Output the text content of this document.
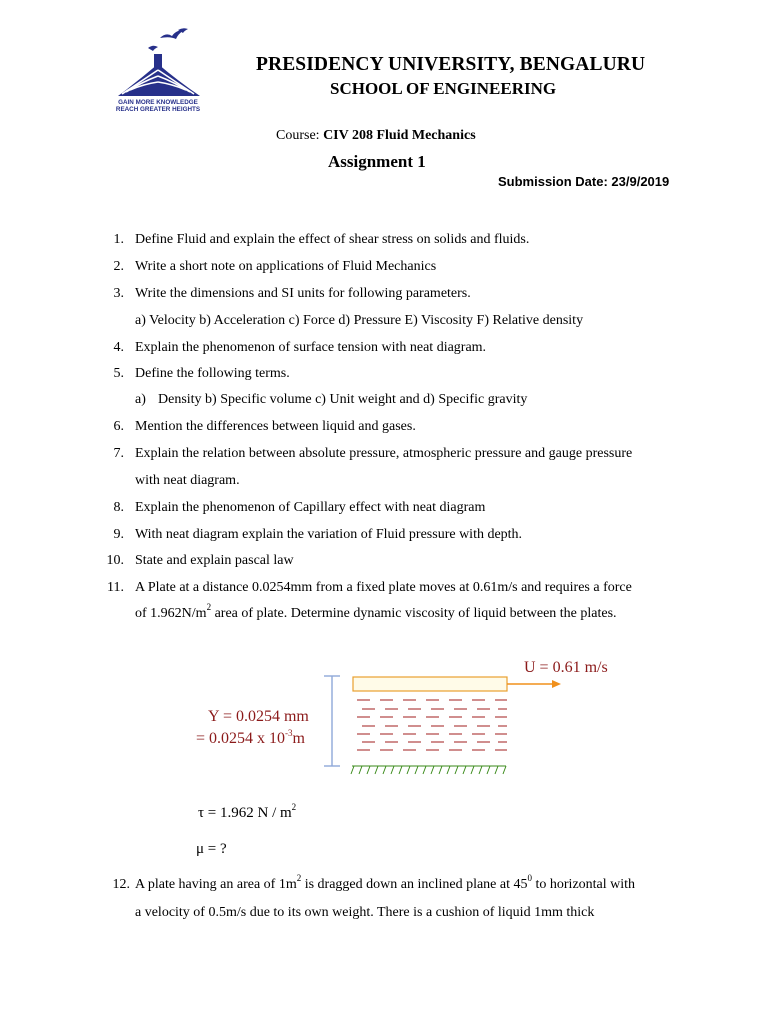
GAIN MORE KNOWLEDGE
REACH GREATER HEIGHTS
PRESIDENCY UNIVERSITY, BENGALURU
SCHOOL OF ENGINEERING
Course: CIV 208 Fluid Mechanics
Assignment 1
Submission Date: 23/9/2019
1. Define Fluid and explain the effect of shear stress on solids and fluids.
2. Write a short note on applications of Fluid Mechanics
3. Write the dimensions and SI units for following parameters.
a) Velocity b) Acceleration c) Force d) Pressure E) Viscosity F) Relative density
4. Explain the phenomenon of surface tension with neat diagram.
5. Define the following terms.
a) Density b) Specific volume c) Unit weight and d) Specific gravity
6. Mention the differences between liquid and gases.
7. Explain the relation between absolute pressure, atmospheric pressure and gauge pressure
with neat diagram.
8. Explain the phenomenon of Capillary effect with neat diagram
9. With neat diagram explain the variation of Fluid pressure with depth.
10. State and explain pascal law
11. A Plate at a distance 0.0254mm from a fixed plate moves at 0.61m/s and requires a force
of $1.962N/m^2$ area of plate. Determine dynamic viscosity of liquid between the plates.
U = 0.61 m/s
Y = 0.0254 mm
= 0.0254 x $10^{-3}m$
τ = 1.962 N / $m^2$
μ = ?
12. A plate having an area of $1m^2$ is dragged down an inclined plane at $45^0$ to horizontal with
a velocity of 0.5m/s due to its own weight. There is a cushion of liquid 1mm thick
